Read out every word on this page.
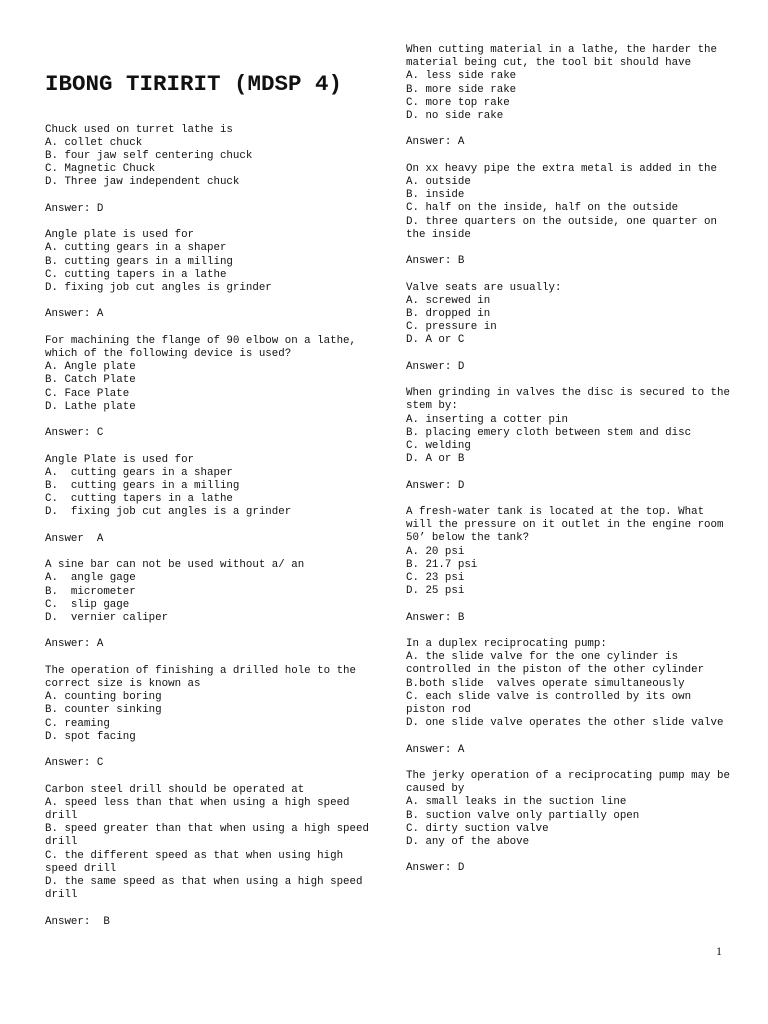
IBONG TIRIRIT (MDSP 4)

Chuck used on turret lathe is
A. collet chuck
B. four jaw self centering chuck
C. Magnetic Chuck
D. Three jaw independent chuck
Answer: D
Angle plate is used for
A. cutting gears in a shaper
B. cutting gears in a milling
C. cutting tapers in a lathe
D. fixing job cut angles is grinder
Answer: A
For machining the flange of 90 elbow on a lathe, which of the following device is used?
A. Angle plate
B. Catch Plate
C. Face Plate
D. Lathe plate
Answer: C
Angle Plate is used for
A.  cutting gears in a shaper
B.  cutting gears in a milling
C.  cutting tapers in a lathe
D.  fixing job cut angles is a grinder
Answer  A
A sine bar can not be used without a/ an
A.  angle gage
B.  micrometer
C.  slip gage
D.  vernier caliper
Answer: A
The operation of finishing a drilled hole to the correct size is known as
A. counting boring
B. counter sinking
C. reaming
D. spot facing
Answer: C
Carbon steel drill should be operated at
A. speed less than that when using a high speed drill
B. speed greater than that when using a high speed drill
C. the different speed as that when using high speed drill
D. the same speed as that when using a high speed drill
Answer:  B
When cutting material in a lathe, the harder the material being cut, the tool bit should have
A. less side rake
B. more side rake
C. more top rake
D. no side rake
Answer: A
On xx heavy pipe the extra metal is added in the
A. outside
B. inside
C. half on the inside, half on the outside
D. three quarters on the outside, one quarter on the inside
Answer: B
Valve seats are usually:
A. screwed in
B. dropped in
C. pressure in
D. A or C
Answer: D
When grinding in valves the disc is secured to the stem by:
A. inserting a cotter pin
B. placing emery cloth between stem and disc
C. welding
D. A or B
Answer: D
A fresh-water tank is located at the top. What will the pressure on it outlet in the engine room 50’ below the tank?
A. 20 psi
B. 21.7 psi
C. 23 psi
D. 25 psi
Answer: B
In a duplex reciprocating pump:
A. the slide valve for the one cylinder is controlled in the piston of the other cylinder
B.both slide  valves operate simultaneously
C. each slide valve is controlled by its own piston rod
D. one slide valve operates the other slide valve
Answer: A
The jerky operation of a reciprocating pump may be caused by
A. small leaks in the suction line
B. suction valve only partially open
C. dirty suction valve
D. any of the above
Answer: D
1
